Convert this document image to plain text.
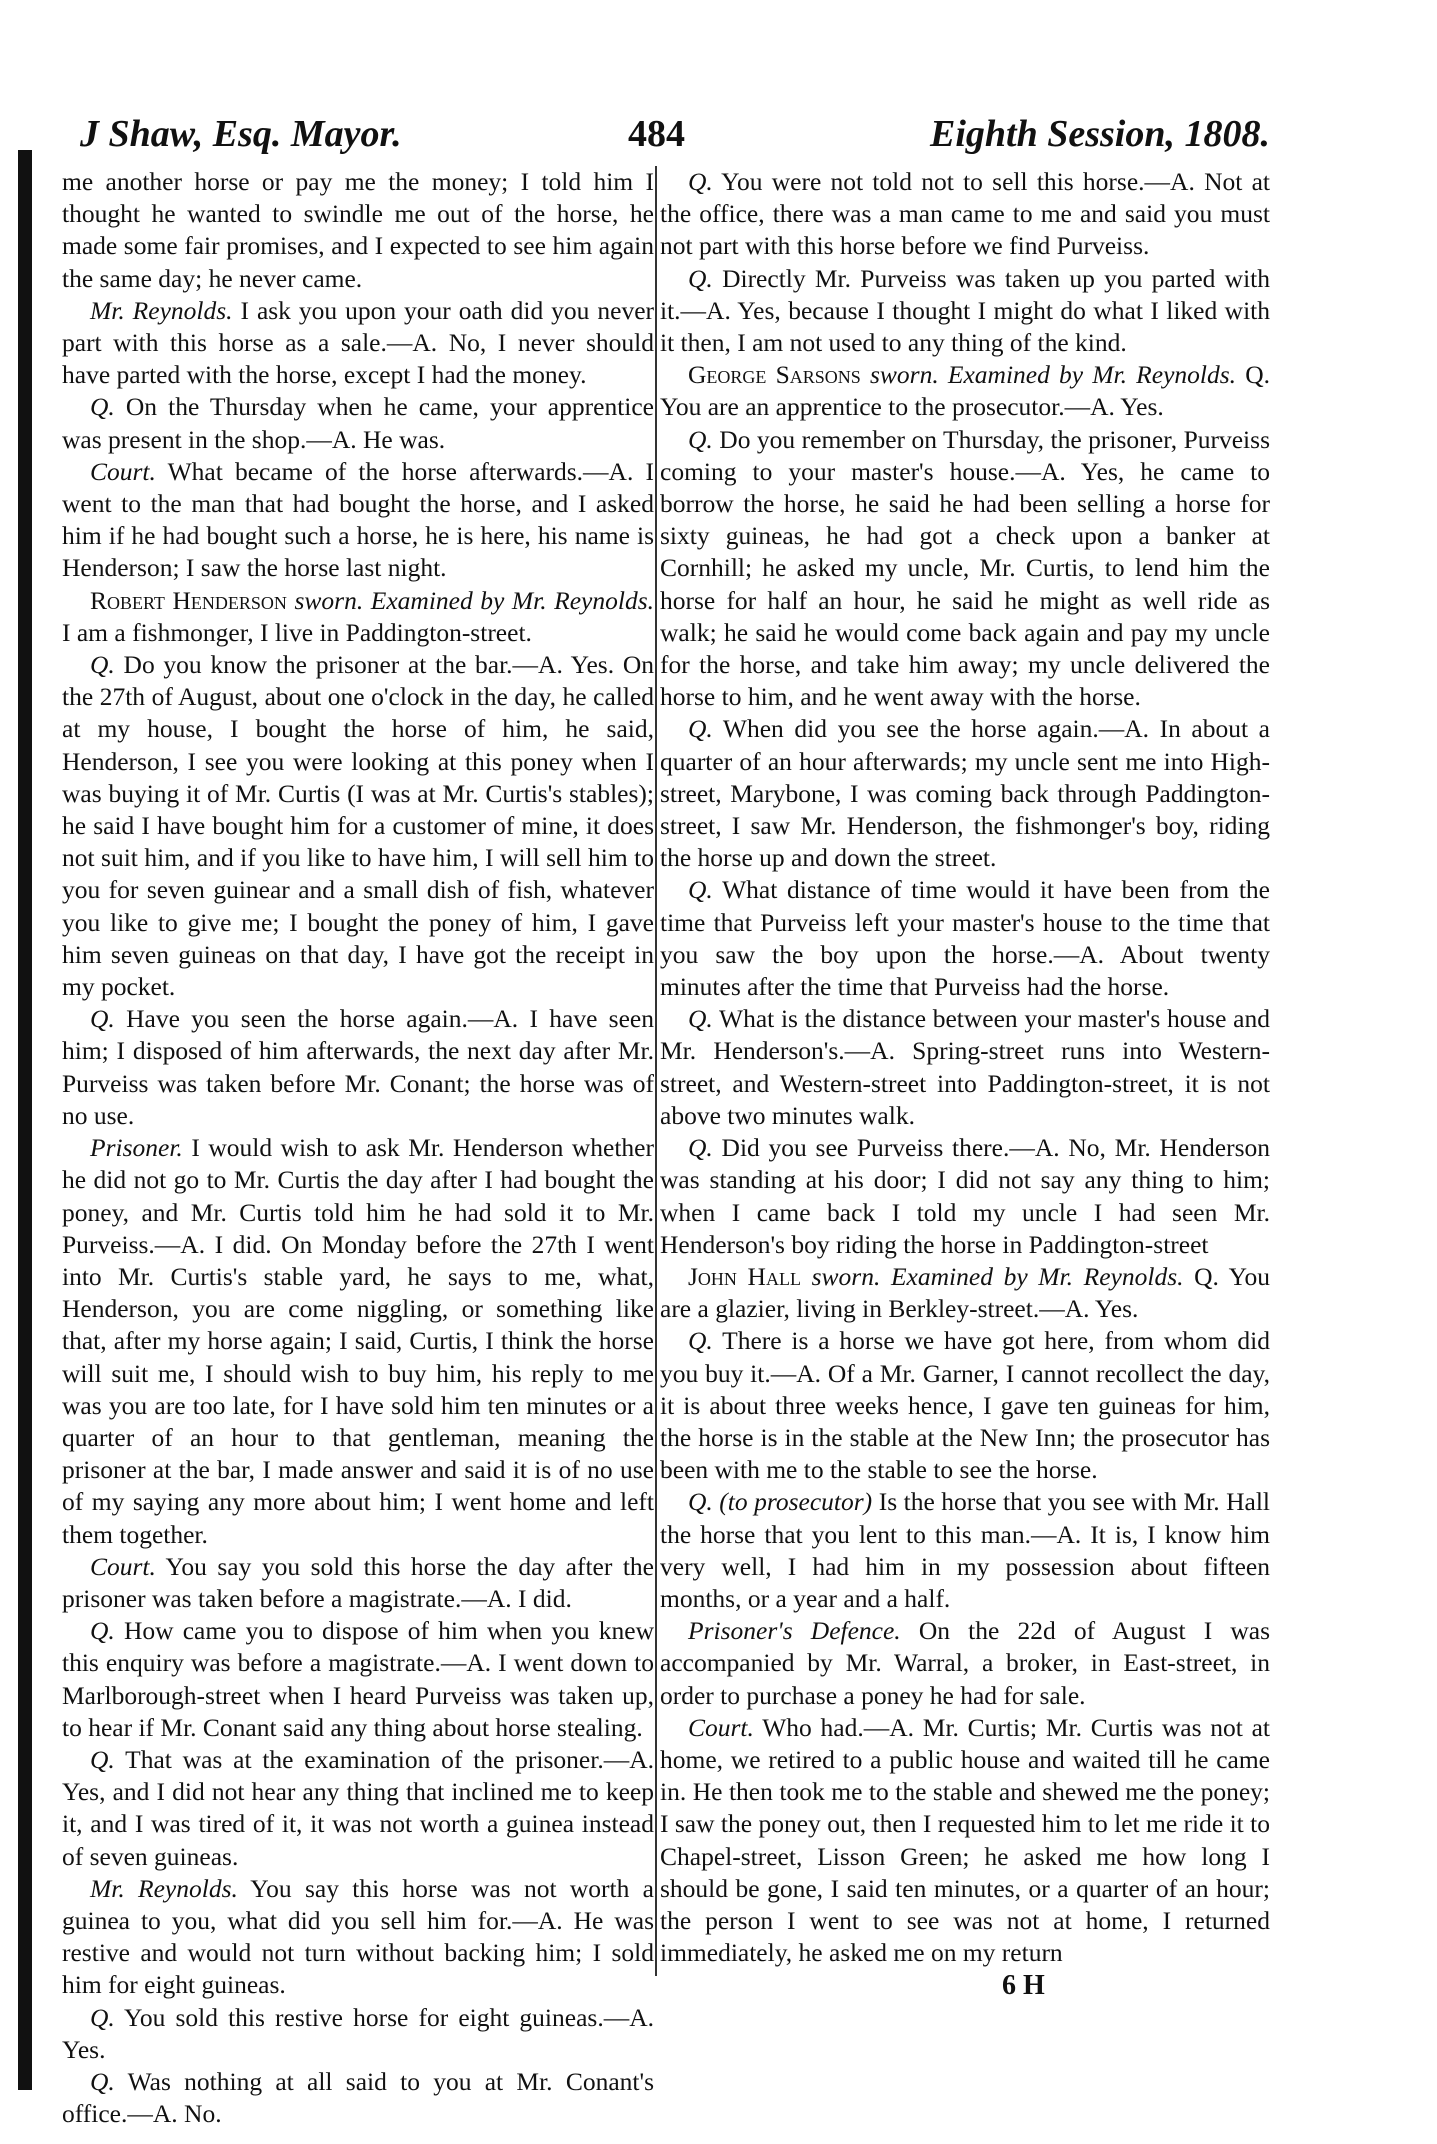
J Shaw, Esq. Mayor.	484	Eighth Session, 1808.

me another horse or pay me the money; I told him I thought he wanted to swindle me out of the horse, he made some fair promises, and I expected to see him again the same day; he never came.

Mr. Reynolds. I ask you upon your oath did you never part with this horse as a sale.—A. No, I never should have parted with the horse, except I had the money.

Q. On the Thursday when he came, your apprentice was present in the shop.—A. He was.

Court. What became of the horse afterwards.—A. I went to the man that had bought the horse, and I asked him if he had bought such a horse, he is here, his name is Henderson; I saw the horse last night.

Robert Henderson sworn. Examined by Mr. Reynolds. I am a fishmonger, I live in Paddington-street.

Q. Do you know the prisoner at the bar.—A. Yes. On the 27th of August, about one o'clock in the day, he called at my house, I bought the horse of him, he said, Henderson, I see you were looking at this poney when I was buying it of Mr. Curtis (I was at Mr. Curtis's stables); he said I have bought him for a customer of mine, it does not suit him, and if you like to have him, I will sell him to you for seven guinear and a small dish of fish, whatever you like to give me; I bought the poney of him, I gave him seven guineas on that day, I have got the receipt in my pocket.

Q. Have you seen the horse again.—A. I have seen him; I disposed of him afterwards, the next day after Mr. Purveiss was taken before Mr. Conant; the horse was of no use.

Prisoner. I would wish to ask Mr. Henderson whether he did not go to Mr. Curtis the day after I had bought the poney, and Mr. Curtis told him he had sold it to Mr. Purveiss.—A. I did. On Monday before the 27th I went into Mr. Curtis's stable yard, he says to me, what, Henderson, you are come niggling, or something like that, after my horse again; I said, Curtis, I think the horse will suit me, I should wish to buy him, his reply to me was you are too late, for I have sold him ten minutes or a quarter of an hour to that gentleman, meaning the prisoner at the bar, I made answer and said it is of no use of my saying any more about him; I went home and left them together.

Court. You say you sold this horse the day after the prisoner was taken before a magistrate.—A. I did.

Q. How came you to dispose of him when you knew this enquiry was before a magistrate.—A. I went down to Marlborough-street when I heard Purveiss was taken up, to hear if Mr. Conant said any thing about horse stealing.

Q. That was at the examination of the prisoner.—A. Yes, and I did not hear any thing that inclined me to keep it, and I was tired of it, it was not worth a guinea instead of seven guineas.

Mr. Reynolds. You say this horse was not worth a guinea to you, what did you sell him for.—A. He was restive and would not turn without backing him; I sold him for eight guineas.

Q. You sold this restive horse for eight guineas.—A. Yes.

Q. Was nothing at all said to you at Mr. Conant's office.—A. No.

Q. You were not told not to sell this horse.—A. Not at the office, there was a man came to me and said you must not part with this horse before we find Purveiss.

Q. Directly Mr. Purveiss was taken up you parted with it.—A. Yes, because I thought I might do what I liked with it then, I am not used to any thing of the kind.

George Sarsons sworn. Examined by Mr. Reynolds. Q. You are an apprentice to the prosecutor.—A. Yes.

Q. Do you remember on Thursday, the prisoner, Purveiss coming to your master's house.—A. Yes, he came to borrow the horse, he said he had been selling a horse for sixty guineas, he had got a check upon a banker at Cornhill; he asked my uncle, Mr. Curtis, to lend him the horse for half an hour, he said he might as well ride as walk; he said he would come back again and pay my uncle for the horse, and take him away; my uncle delivered the horse to him, and he went away with the horse.

Q. When did you see the horse again.—A. In about a quarter of an hour afterwards; my uncle sent me into High-street, Marybone, I was coming back through Paddington-street, I saw Mr. Henderson, the fishmonger's boy, riding the horse up and down the street.

Q. What distance of time would it have been from the time that Purveiss left your master's house to the time that you saw the boy upon the horse.—A. About twenty minutes after the time that Purveiss had the horse.

Q. What is the distance between your master's house and Mr. Henderson's.—A. Spring-street runs into Western-street, and Western-street into Paddington-street, it is not above two minutes walk.

Q. Did you see Purveiss there.—A. No, Mr. Henderson was standing at his door; I did not say any thing to him; when I came back I told my uncle I had seen Mr. Henderson's boy riding the horse in Paddington-street

John Hall sworn. Examined by Mr. Reynolds. Q. You are a glazier, living in Berkley-street.—A. Yes.

Q. There is a horse we have got here, from whom did you buy it.—A. Of a Mr. Garner, I cannot recollect the day, it is about three weeks hence, I gave ten guineas for him, the horse is in the stable at the New Inn; the prosecutor has been with me to the stable to see the horse.

Q. (to prosecutor) Is the horse that you see with Mr. Hall the horse that you lent to this man.—A. It is, I know him very well, I had him in my possession about fifteen months, or a year and a half.

Prisoner's Defence. On the 22d of August I was accompanied by Mr. Warral, a broker, in East-street, in order to purchase a poney he had for sale.

Court. Who had.—A. Mr. Curtis; Mr. Curtis was not at home, we retired to a public house and waited till he came in. He then took me to the stable and shewed me the poney; I saw the poney out, then I requested him to let me ride it to Chapel-street, Lisson Green; he asked me how long I should be gone, I said ten minutes, or a quarter of an hour; the person I went to see was not at home, I returned immediately, he asked me on my return

6 H
